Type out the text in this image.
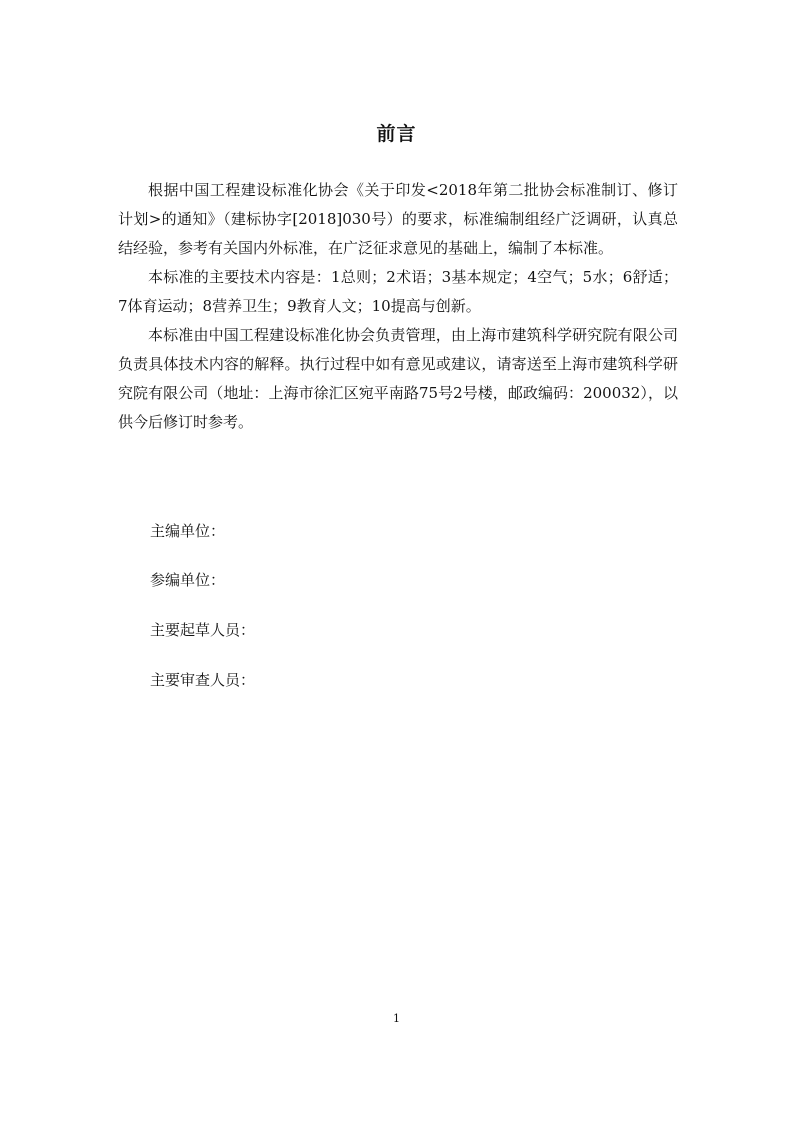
前言

根据中国工程建设标准化协会《关于印发<2018年第二批协会标准制订、修订计划>的通知》（建标协字[2018]030号）的要求，标准编制组经广泛调研，认真总结经验，参考有关国内外标准，在广泛征求意见的基础上，编制了本标准。

本标准的主要技术内容是：1总则；2术语；3基本规定；4空气；5水；6舒适；7体育运动；8营养卫生；9教育人文；10提高与创新。

本标准由中国工程建设标准化协会负责管理，由上海市建筑科学研究院有限公司负责具体技术内容的解释。执行过程中如有意见或建议，请寄送至上海市建筑科学研究院有限公司（地址：上海市徐汇区宛平南路75号2号楼，邮政编码：200032），以供今后修订时参考。

主编单位：
参编单位：
主要起草人员：
主要审查人员：
1
